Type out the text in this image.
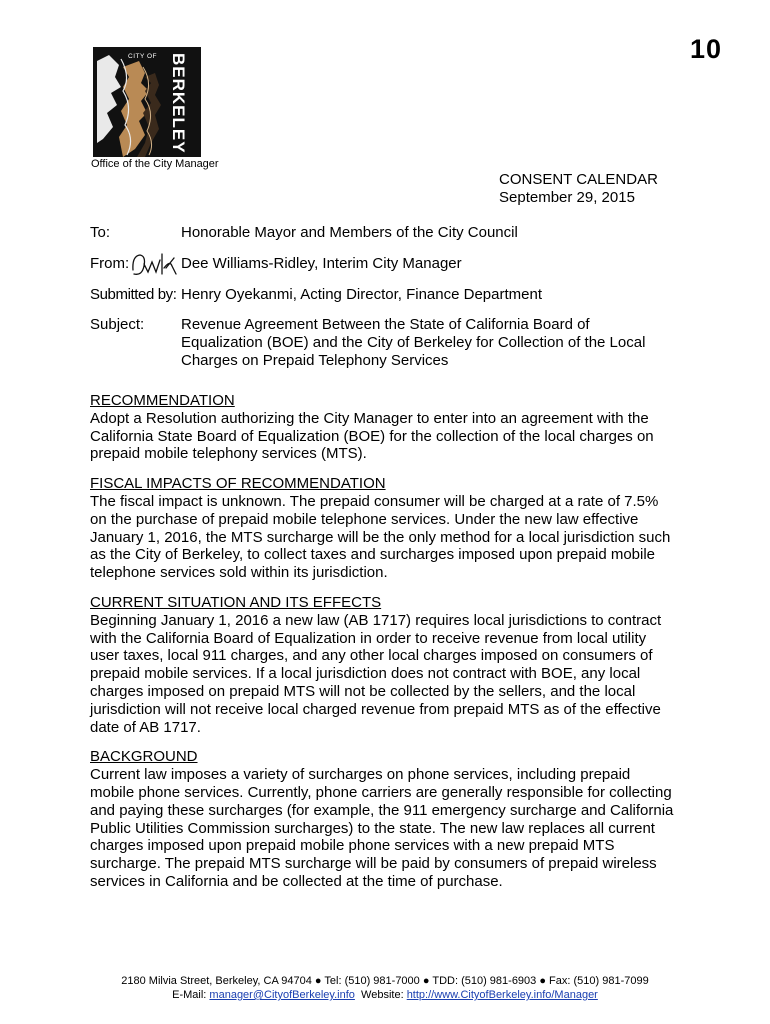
10
CITY OF BERKELEY
Office of the City Manager
CONSENT CALENDAR
September 29, 2015
To:	Honorable Mayor and Members of the City Council
From:	Dee Williams-Ridley, Interim City Manager
Submitted by: Henry Oyekanmi, Acting Director, Finance Department
Subject: Revenue Agreement Between the State of California Board of
Equalization (BOE) and the City of Berkeley for Collection of the Local
Charges on Prepaid Telephony Services
RECOMMENDATION
Adopt a Resolution authorizing the City Manager to enter into an agreement with the
California State Board of Equalization (BOE) for the collection of the local charges on
prepaid mobile telephony services (MTS).
FISCAL IMPACTS OF RECOMMENDATION
The fiscal impact is unknown. The prepaid consumer will be charged at a rate of 7.5%
on the purchase of prepaid mobile telephone services. Under the new law effective
January 1, 2016, the MTS surcharge will be the only method for a local jurisdiction such
as the City of Berkeley, to collect taxes and surcharges imposed upon prepaid mobile
telephone services sold within its jurisdiction.
CURRENT SITUATION AND ITS EFFECTS
Beginning January 1, 2016 a new law (AB 1717) requires local jurisdictions to contract
with the California Board of Equalization in order to receive revenue from local utility
user taxes, local 911 charges, and any other local charges imposed on consumers of
prepaid mobile services. If a local jurisdiction does not contract with BOE, any local
charges imposed on prepaid MTS will not be collected by the sellers, and the local
jurisdiction will not receive local charged revenue from prepaid MTS as of the effective
date of AB 1717.
BACKGROUND
Current law imposes a variety of surcharges on phone services, including prepaid
mobile phone services. Currently, phone carriers are generally responsible for collecting
and paying these surcharges (for example, the 911 emergency surcharge and California
Public Utilities Commission surcharges) to the state. The new law replaces all current
charges imposed upon prepaid mobile phone services with a new prepaid MTS
surcharge. The prepaid MTS surcharge will be paid by consumers of prepaid wireless
services in California and be collected at the time of purchase.
2180 Milvia Street, Berkeley, CA 94704 ● Tel: (510) 981-7000 ● TDD: (510) 981-6903 ● Fax: (510) 981-7099
E-Mail: manager@CityofBerkeley.info Website: http://www.CityofBerkeley.info/Manager
